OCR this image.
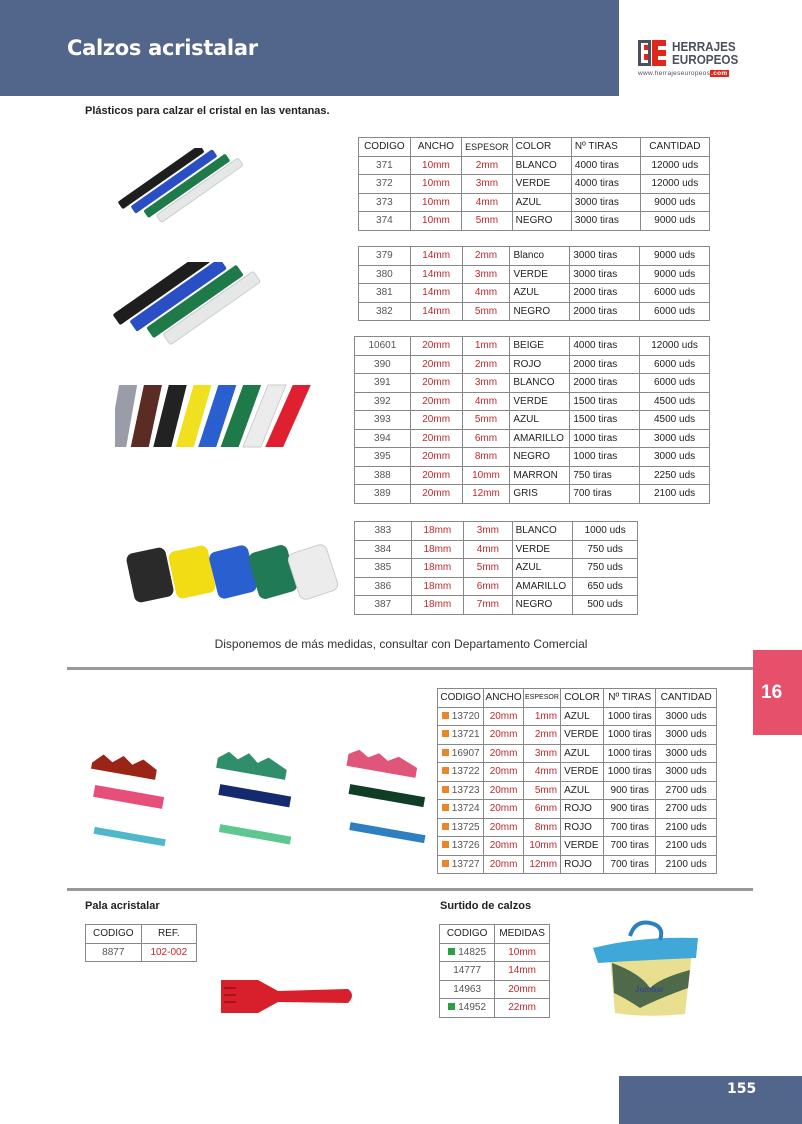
Calzos acristalar	HERRAJES
EUROPEOS
www.herrajeseuropeos.com
Plásticos para calzar el cristal en las ventanas.
CODIGO	ANCHO	ESPESOR	COLOR	Nº TIRAS	CANTIDAD
371	10mm	2mm	BLANCO	4000 tiras	12000 uds
372	10mm	3mm	VERDE	4000 tiras	12000 uds
373	10mm	4mm	AZUL	3000 tiras	9000 uds
374	10mm	5mm	NEGRO	3000 tiras	9000 uds
379	14mm	2mm	Blanco	3000 tiras	9000 uds
380	14mm	3mm	VERDE	3000 tiras	9000 uds
381	14mm	4mm	AZUL	2000 tiras	6000 uds
382	14mm	5mm	NEGRO	2000 tiras	6000 uds
10601	20mm	1mm	BEIGE	4000 tiras	12000 uds
390	20mm	2mm	ROJO	2000 tiras	6000 uds
391	20mm	3mm	BLANCO	2000 tiras	6000 uds
392	20mm	4mm	VERDE	1500 tiras	4500 uds
393	20mm	5mm	AZUL	1500 tiras	4500 uds
394	20mm	6mm	AMARILLO	1000 tiras	3000 uds
395	20mm	8mm	NEGRO	1000 tiras	3000 uds
388	20mm	10mm	MARRON	750 tiras	2250 uds
389	20mm	12mm	GRIS	700 tiras	2100 uds
383	18mm	3mm	BLANCO	1000 uds
384	18mm	4mm	VERDE	750 uds
385	18mm	5mm	AZUL	750 uds
386	18mm	6mm	AMARILLO	650 uds
387	18mm	7mm	NEGRO	500 uds
Disponemos de más medidas, consultar con Departamento Comercial
16
CODIGO	ANCHO	ESPESOR	COLOR	Nº TIRAS	CANTIDAD
13720	20mm	1mm	AZUL	1000 tiras	3000 uds
13721	20mm	2mm	VERDE	1000 tiras	3000 uds
16907	20mm	3mm	AZUL	1000 tiras	3000 uds
13722	20mm	4mm	VERDE	1000 tiras	3000 uds
13723	20mm	5mm	AZUL	900 tiras	2700 uds
13724	20mm	6mm	ROJO	900 tiras	2700 uds
13725	20mm	8mm	ROJO	700 tiras	2100 uds
13726	20mm	10mm	VERDE	700 tiras	2100 uds
13727	20mm	12mm	ROJO	700 tiras	2100 uds
Pala acristalar
CODIGO	REF.
8877	102-002
Surtido de calzos
CODIGO	MEDIDAS
14825	10mm
14777	14mm
14963	20mm
14952	22mm
Jombar
155
